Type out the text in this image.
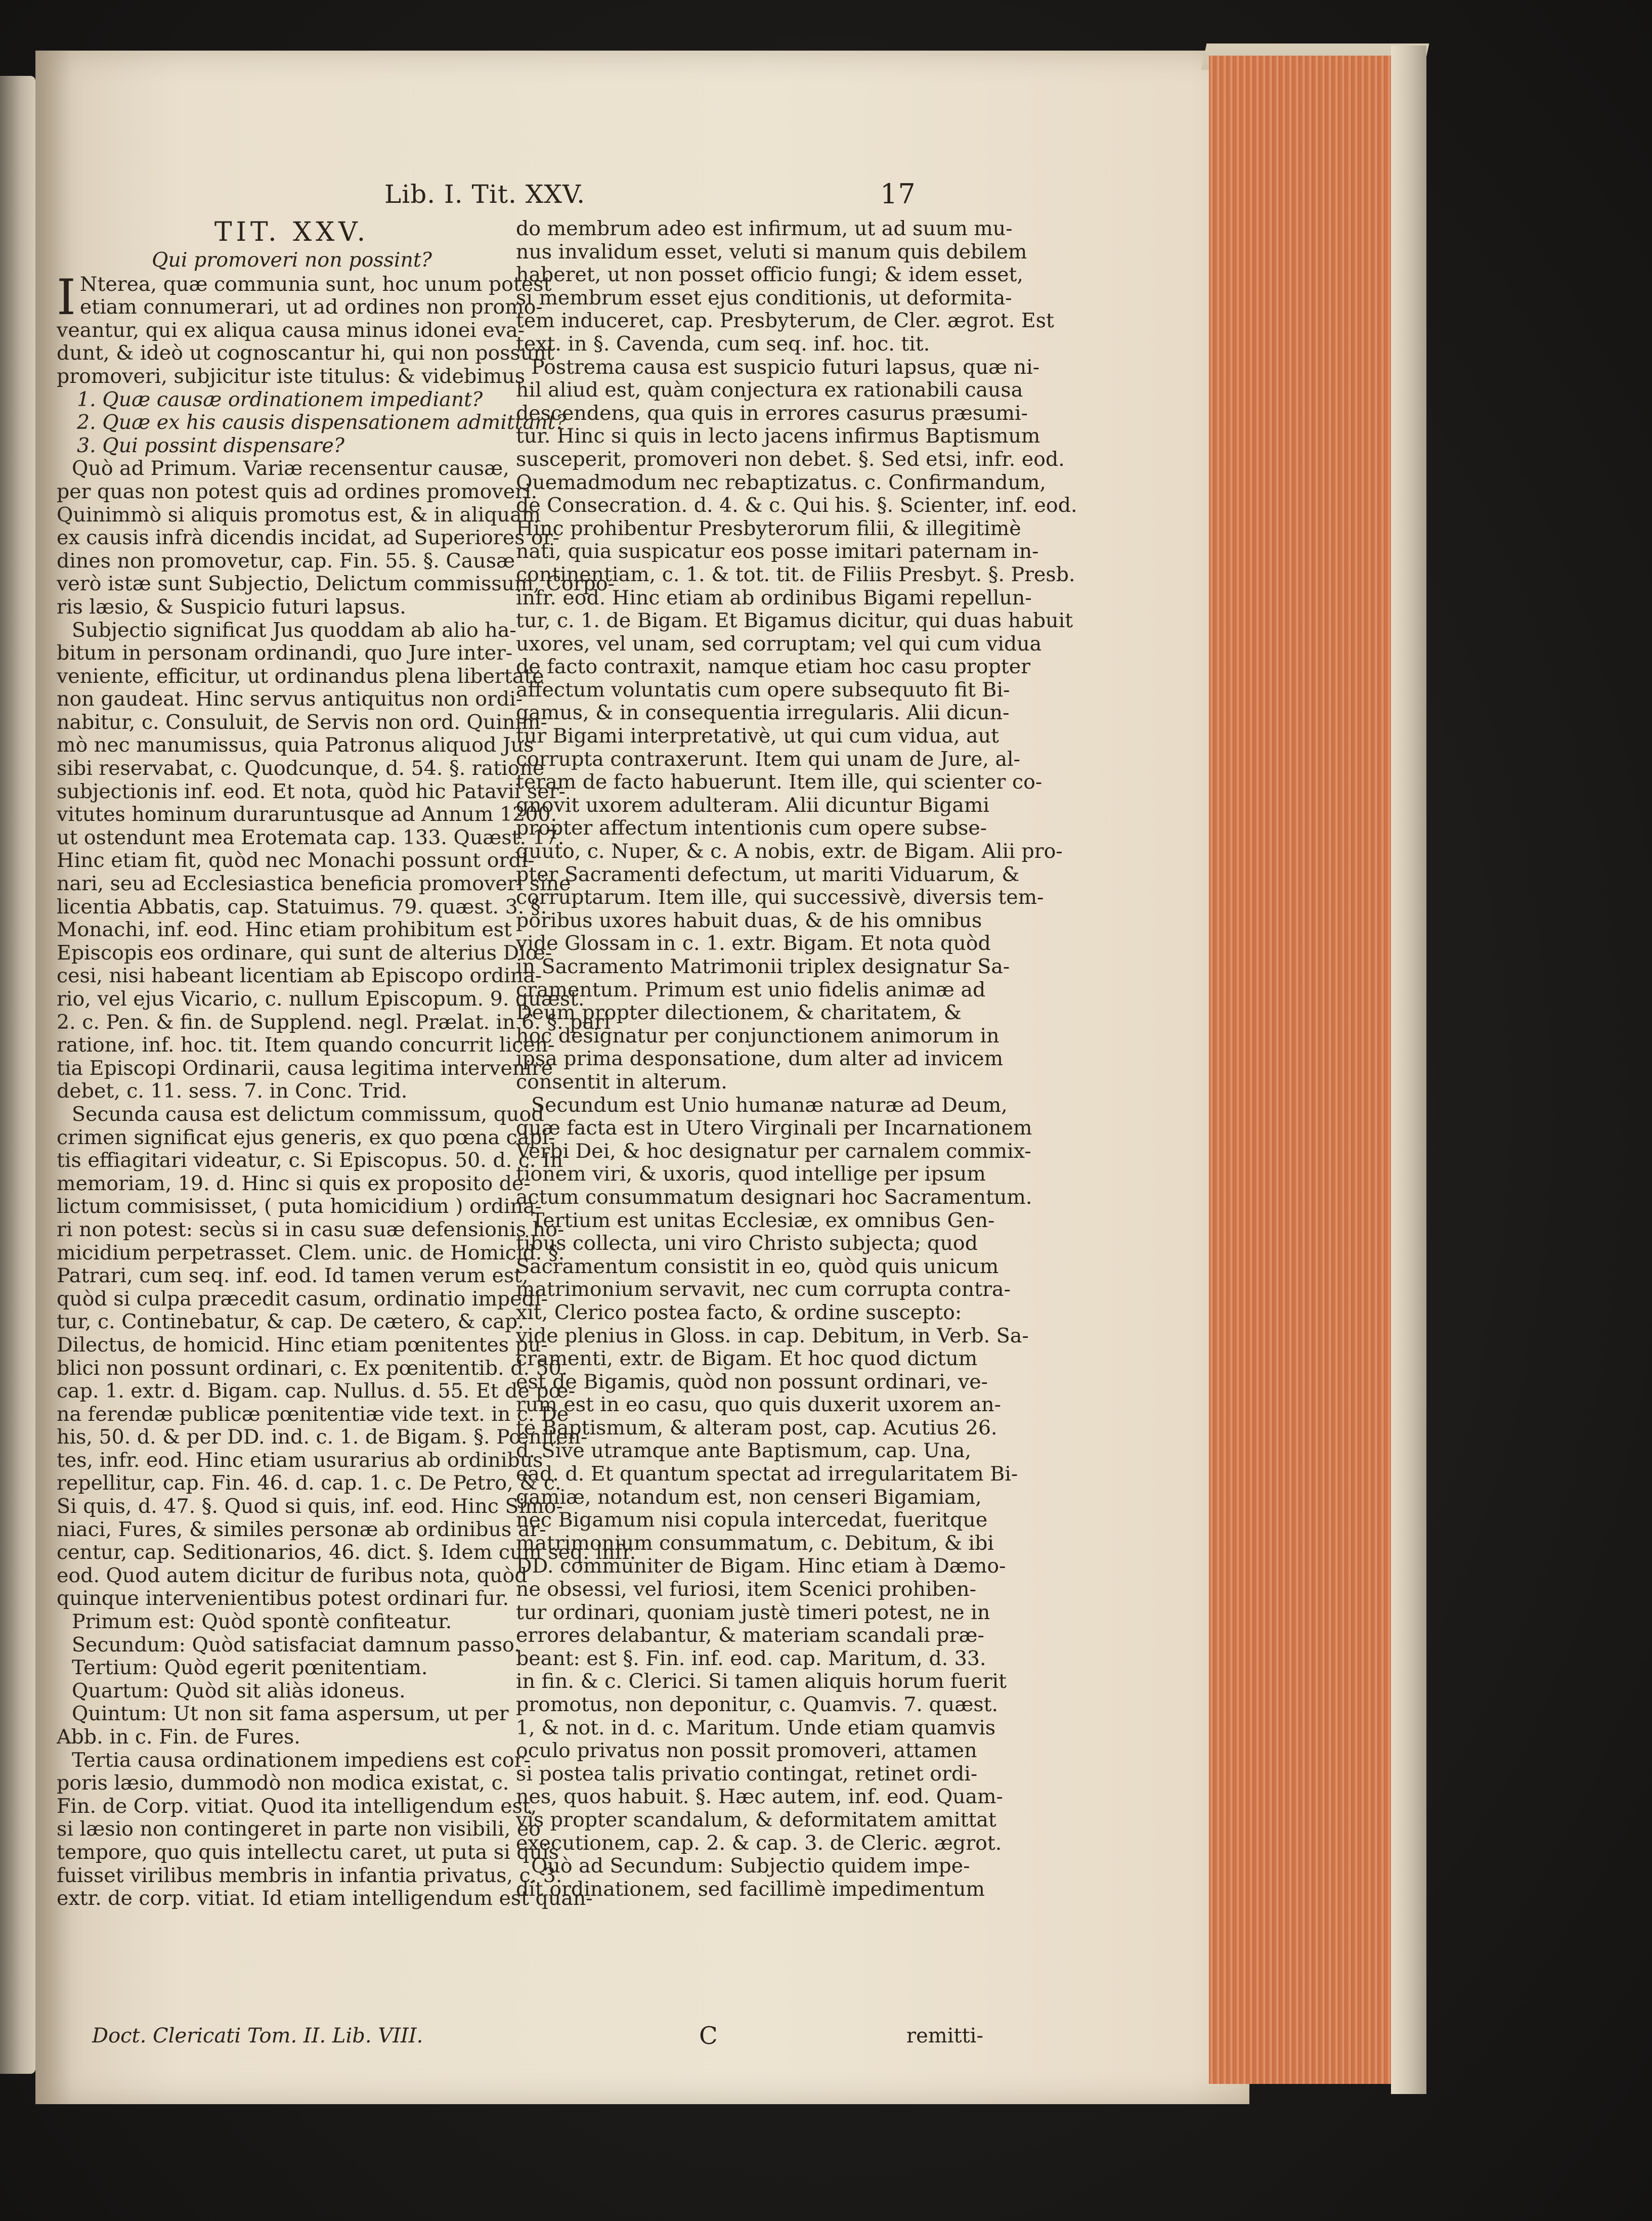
Lib. I. Tit. XXV.	17
TIT. XXV.
Qui promoveri non possint?
I Nterea, quæ communia sunt, hoc unum potest
etiam connumerari, ut ad ordines non promo-
veantur, qui ex aliqua causa minus idonei eva-
dunt, & ideò ut cognoscantur hi, qui non possunt
promoveri, subjicitur iste titulus: & videbimus
1. Quæ causæ ordinationem impediant?
2. Quæ ex his causis dispensationem admittant?
3. Qui possint dispensare?
Quò ad Primum. Variæ recensentur causæ,
per quas non potest quis ad ordines promoveri.
Quinimmò si aliquis promotus est, & in aliquam
ex causis infrà dicendis incidat, ad Superiores or-
dines non promovetur, cap. Fin. 55. §. Causæ
verò istæ sunt Subjectio, Delictum commissum, Corpo-
ris læsio, & Suspicio futuri lapsus.
Subjectio significat Jus quoddam ab alio ha-
bitum in personam ordinandi, quo Jure inter-
veniente, efficitur, ut ordinandus plena libertate
non gaudeat. Hinc servus antiquitus non ordi-
nabitur, c. Consuluit, de Servis non ord. Quinim-
mò nec manumissus, quia Patronus aliquod Jus
sibi reservabat, c. Quodcunque, d. 54. §. ratione
subjectionis inf. eod. Et nota, quòd hic Patavii ser-
vitutes hominum duraruntusque ad Annum 1200.
ut ostendunt mea Erotemata cap. 133. Quæst. 17.
Hinc etiam fit, quòd nec Monachi possunt ordi-
nari, seu ad Ecclesiastica beneficia promoveri sine
licentia Abbatis, cap. Statuimus. 79. quæst. 3. §.
Monachi, inf. eod. Hinc etiam prohibitum est
Episcopis eos ordinare, qui sunt de alterius Diœ-
cesi, nisi habeant licentiam ab Episcopo ordina-
rio, vel ejus Vicario, c. nullum Episcopum. 9. quæst.
2. c. Pen. & fin. de Supplend. negl. Prælat. in 6. §. pari
ratione, inf. hoc. tit. Item quando concurrit licen-
tia Episcopi Ordinarii, causa legitima intervenire
debet, c. 11. sess. 7. in Conc. Trid.
Secunda causa est delictum commissum, quod
crimen significat ejus generis, ex quo pœna capi-
tis effiagitari videatur, c. Si Episcopus. 50. d. c. In
memoriam, 19. d. Hinc si quis ex proposito de-
lictum commisisset, ( puta homicidium ) ordina-
ri non potest: secùs si in casu suæ defensionis ho-
micidium perpetrasset. Clem. unic. de Homicid. §.
Patrari, cum seq. inf. eod. Id tamen verum est,
quòd si culpa præcedit casum, ordinatio impedi-
tur, c. Continebatur, & cap. De cætero, & cap.
Dilectus, de homicid. Hinc etiam pœnitentes pu-
blici non possunt ordinari, c. Ex pœnitentib. d. 50.
cap. 1. extr. d. Bigam. cap. Nullus. d. 55. Et de pœ-
na ferendæ publicæ pœnitentiæ vide text. in c. De
his, 50. d. & per DD. ind. c. 1. de Bigam. §. Pœniten-
tes, infr. eod. Hinc etiam usurarius ab ordinibus
repellitur, cap. Fin. 46. d. cap. 1. c. De Petro, & c.
Si quis, d. 47. §. Quod si quis, inf. eod. Hinc Simo-
niaci, Fures, & similes personæ ab ordinibus ar-
centur, cap. Seditionarios, 46. dict. §. Idem cum seq. infr.
eod. Quod autem dicitur de furibus nota, quòd
quinque intervenientibus potest ordinari fur.
Primum est: Quòd spontè confiteatur.
Secundum: Quòd satisfaciat damnum passo.
Tertium: Quòd egerit pœnitentiam.
Quartum: Quòd sit aliàs idoneus.
Quintum: Ut non sit fama aspersum, ut per
Abb. in c. Fin. de Fures.
Tertia causa ordinationem impediens est cor-
poris læsio, dummodò non modica existat, c.
Fin. de Corp. vitiat. Quod ita intelligendum est,
si læsio non contingeret in parte non visibili, eo
tempore, quo quis intellectu caret, ut puta si quis
fuisset virilibus membris in infantia privatus, c. 3.
extr. de corp. vitiat. Id etiam intelligendum est quan-
do membrum adeo est infirmum, ut ad suum mu-
nus invalidum esset, veluti si manum quis debilem
haberet, ut non posset officio fungi; & idem esset,
si membrum esset ejus conditionis, ut deformita-
tem induceret, cap. Presbyterum, de Cler. ægrot. Est
text. in §. Cavenda, cum seq. inf. hoc. tit.
Postrema causa est suspicio futuri lapsus, quæ ni-
hil aliud est, quàm conjectura ex rationabili causa
descendens, qua quis in errores casurus præsumi-
tur. Hinc si quis in lecto jacens infirmus Baptismum
susceperit, promoveri non debet. §. Sed etsi, infr. eod.
Quemadmodum nec rebaptizatus. c. Confirmandum,
de Consecration. d. 4. & c. Qui his. §. Scienter, inf. eod.
Hinc prohibentur Presbyterorum filii, & illegitimè
nati, quia suspicatur eos posse imitari paternam in-
continentiam, c. 1. & tot. tit. de Filiis Presbyt. §. Presb.
infr. eod. Hinc etiam ab ordinibus Bigami repellun-
tur, c. 1. de Bigam. Et Bigamus dicitur, qui duas habuit
uxores, vel unam, sed corruptam; vel qui cum vidua
de facto contraxit, namque etiam hoc casu propter
affectum voluntatis cum opere subsequuto fit Bi-
gamus, & in consequentia irregularis. Alii dicun-
tur Bigami interpretativè, ut qui cum vidua, aut
corrupta contraxerunt. Item qui unam de Jure, al-
teram de facto habuerunt. Item ille, qui scienter co-
gnovit uxorem adulteram. Alii dicuntur Bigami
propter affectum intentionis cum opere subse-
quuto, c. Nuper, & c. A nobis, extr. de Bigam. Alii pro-
pter Sacramenti defectum, ut mariti Viduarum, &
corruptarum. Item ille, qui successivè, diversis tem-
poribus uxores habuit duas, & de his omnibus
vide Glossam in c. 1. extr. Bigam. Et nota quòd
in Sacramento Matrimonii triplex designatur Sa-
cramentum. Primum est unio fidelis animæ ad
Deum propter dilectionem, & charitatem, &
hoc designatur per conjunctionem animorum in
ipsa prima desponsatione, dum alter ad invicem
consentit in alterum.
Secundum est Unio humanæ naturæ ad Deum,
quæ facta est in Utero Virginali per Incarnationem
Verbi Dei, & hoc designatur per carnalem commix-
tionem viri, & uxoris, quod intellige per ipsum
actum consummatum designari hoc Sacramentum.
Tertium est unitas Ecclesiæ, ex omnibus Gen-
tibus collecta, uni viro Christo subjecta; quod
Sacramentum consistit in eo, quòd quis unicum
matrimonium servavit, nec cum corrupta contra-
xit, Clerico postea facto, & ordine suscepto:
vide plenius in Gloss. in cap. Debitum, in Verb. Sa-
cramenti, extr. de Bigam. Et hoc quod dictum
est de Bigamis, quòd non possunt ordinari, ve-
rum est in eo casu, quo quis duxerit uxorem an-
te Baptismum, & alteram post, cap. Acutius 26.
d. Sive utramque ante Baptismum, cap. Una,
ead. d. Et quantum spectat ad irregularitatem Bi-
gamiæ, notandum est, non censeri Bigamiam,
nec Bigamum nisi copula intercedat, fueritque
matrimonium consummatum, c. Debitum, & ibi
DD. communiter de Bigam. Hinc etiam à Dæmo-
ne obsessi, vel furiosi, item Scenici prohiben-
tur ordinari, quoniam justè timeri potest, ne in
errores delabantur, & materiam scandali præ-
beant: est §. Fin. inf. eod. cap. Maritum, d. 33.
in fin. & c. Clerici. Si tamen aliquis horum fuerit
promotus, non deponitur, c. Quamvis. 7. quæst.
1, & not. in d. c. Maritum. Unde etiam quamvis
oculo privatus non possit promoveri, attamen
si postea talis privatio contingat, retinet ordi-
nes, quos habuit. §. Hæc autem, inf. eod. Quam-
vis propter scandalum, & deformitatem amittat
executionem, cap. 2. & cap. 3. de Cleric. ægrot.
Quò ad Secundum: Subjectio quidem impe-
dit ordinationem, sed facillimè impedimentum
Doct. Clericati Tom. II. Lib. VIII.	C	remitti-
